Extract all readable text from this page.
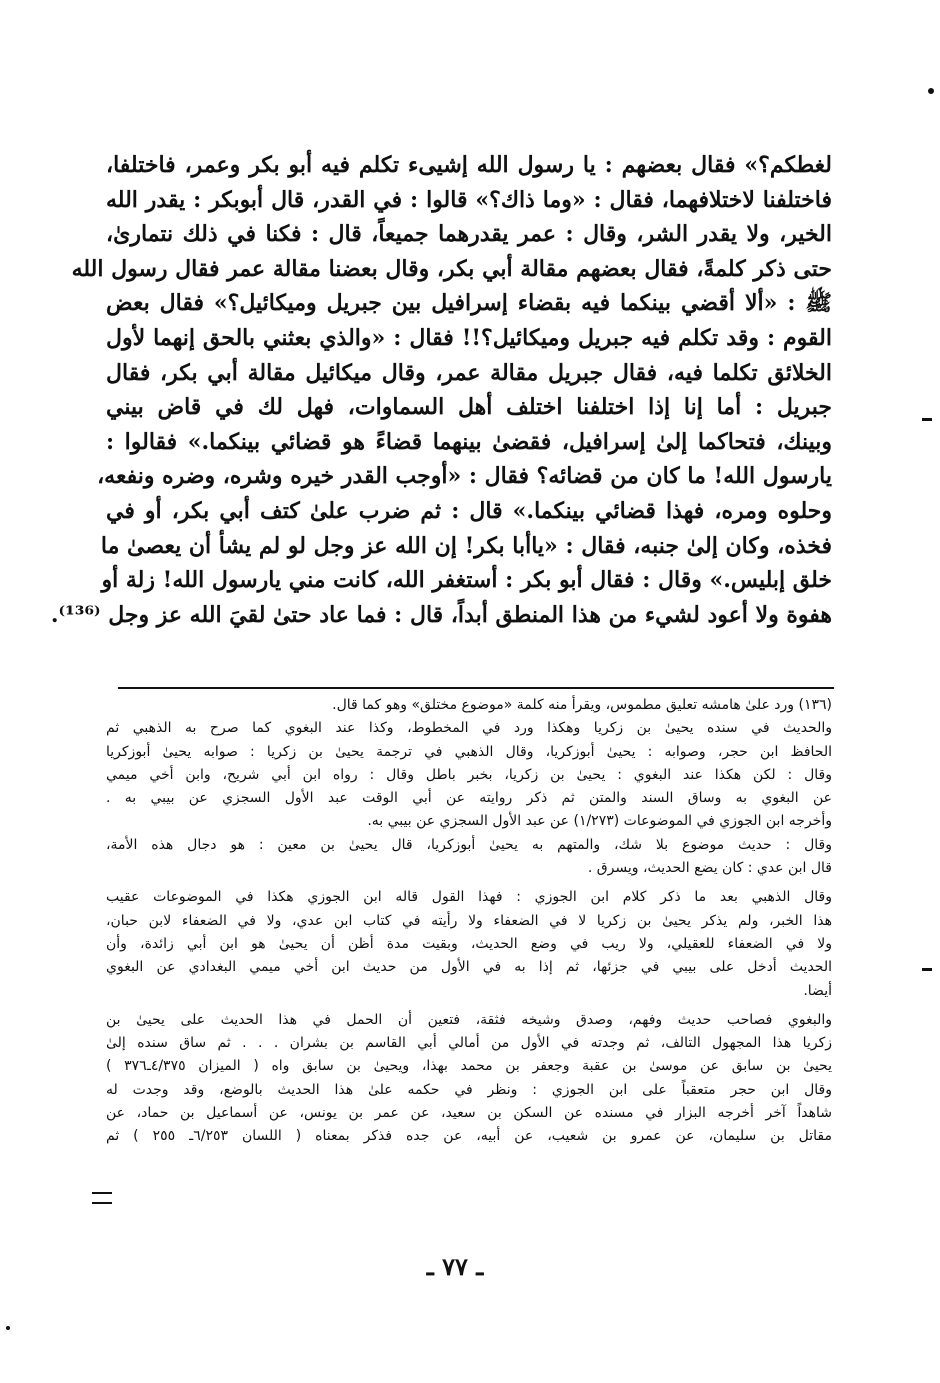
لغطكم؟» فقال بعضهم : يا رسول الله إشيىء تكلم فيه أبو بكر وعمر، فاختلفا،
فاختلفنا لاختلافهما، فقال : «وما ذاك؟» قالوا : في القدر، قال أبوبكر : يقدر الله
الخير، ولا يقدر الشر، وقال : عمر يقدرهما جميعاً، قال : فكنا في ذلك نتمارىٰ،
حتى ذكر كلمةً، فقال بعضهم مقالة أبي بكر، وقال بعضنا مقالة عمر فقال رسول الله
ﷺ : «ألا أقضي بينكما فيه بقضاء إسرافيل بين جبريل وميكائيل؟» فقال بعض
القوم : وقد تكلم فيه جبريل وميكائيل؟!! فقال : «والذي بعثني بالحق إنهما لأول
الخلائق تكلما فيه، فقال جبريل مقالة عمر، وقال ميكائيل مقالة أبي بكر، فقال
جبريل : أما إنا إذا اختلفنا اختلف أهل السماوات، فهل لك في قاض بيني
وبينك، فتحاكما إلىٰ إسرافيل، فقضىٰ بينهما قضاءً هو قضائي بينكما.» فقالوا :
يارسول الله! ما كان من قضائه؟ فقال : «أوجب القدر خيره وشره، وضره ونفعه،
وحلوه ومره، فهذا قضائي بينكما.» قال : ثم ضرب علىٰ كتف أبي بكر، أو في
فخذه، وكان إلىٰ جنبه، فقال : «ياأبا بكر! إن الله عز وجل لو لم يشأ أن يعصىٰ ما
خلق إبليس.» وقال : فقال أبو بكر : أستغفر الله، كانت مني يارسول الله! زلة أو
هفوة ولا أعود لشيء من هذا المنطق أبداً، قال : فما عاد حتىٰ لقيَ الله عز وجل ⁽¹³⁶⁾.
(١٣٦) ورد علىٰ هامشه تعليق مطموس، ويقرأ منه كلمة «موضوع مختلق» وهو كما قال.
والحديث في سنده يحيىٰ بن زكريا وهكذا ورد في المخطوط، وكذا عند البغوي كما صرح به الذهبي ثم
الحافظ ابن حجر، وصوابه : يحيىٰ أبوزكريا، وقال الذهبي في ترجمة يحيىٰ بن زكريا : صوابه يحيىٰ أبوزكريا
وقال : لكن هكذا عند البغوي : يحيىٰ بن زكريا، بخبر باطل وقال : رواه ابن أبي شريح، وابن أخي ميمي
عن البغوي به وساق السند والمتن ثم ذكر روايته عن أبي الوقت عبد الأول السجزي عن بيبي به .
وأخرجه ابن الجوزي في الموضوعات (١/٢٧٣) عن عبد الأول السجزي عن بيبي به.
وقال : حديث موضوع بلا شك، والمتهم به يحيىٰ أبوزكريا، قال يحيىٰ بن معين : هو دجال هذه الأمة،
قال ابن عدي : كان يضع الحديث، ويسرق .
وقال الذهبي بعد ما ذكر كلام ابن الجوزي : فهذا القول قاله ابن الجوزي هكذا في الموضوعات عقيب
هذا الخبر، ولم يذكر يحيىٰ بن زكريا لا في الضعفاء ولا رأيته في كتاب ابن عدي، ولا في الضعفاء لابن حبان،
ولا في الضعفاء للعقيلي، ولا ريب في وضع الحديث، وبقيت مدة أظن أن يحيىٰ هو ابن أبي زائدة، وأن
الحديث أدخل على بيبي في جزئها، ثم إذا به في الأول من حديث ابن أخي ميمي البغدادي عن البغوي
أيضا.
والبغوي فصاحب حديث وفهم، وصدق وشيخه فثقة، فتعين أن الحمل في هذا الحديث على يحيىٰ بن
زكريا هذا المجهول التالف، ثم وجدته في الأول من أمالي أبي القاسم بن بشران . . . ثم ساق سنده إلىٰ
يحيىٰ بن سابق عن موسىٰ بن عقبة وجعفر بن محمد بهذا، ويحيىٰ بن سابق واه ( الميزان ٤/٣٧٥ـ٣٧٦ )
وقال ابن حجر متعقباً على ابن الجوزي : ونظر في حكمه علىٰ هذا الحديث بالوضع، وقد وجدت له
شاهداً آخر أخرجه البزار في مسنده عن السكن بن سعيد، عن عمر بن يونس، عن أسماعيل بن حماد، عن
مقاتل بن سليمان، عن عمرو بن شعيب، عن أبيه، عن جده فذكر بمعناه ( اللسان ٦/٢٥٣ـ ٢٥٥ ) ثم
ـ ٧٧ ـ
